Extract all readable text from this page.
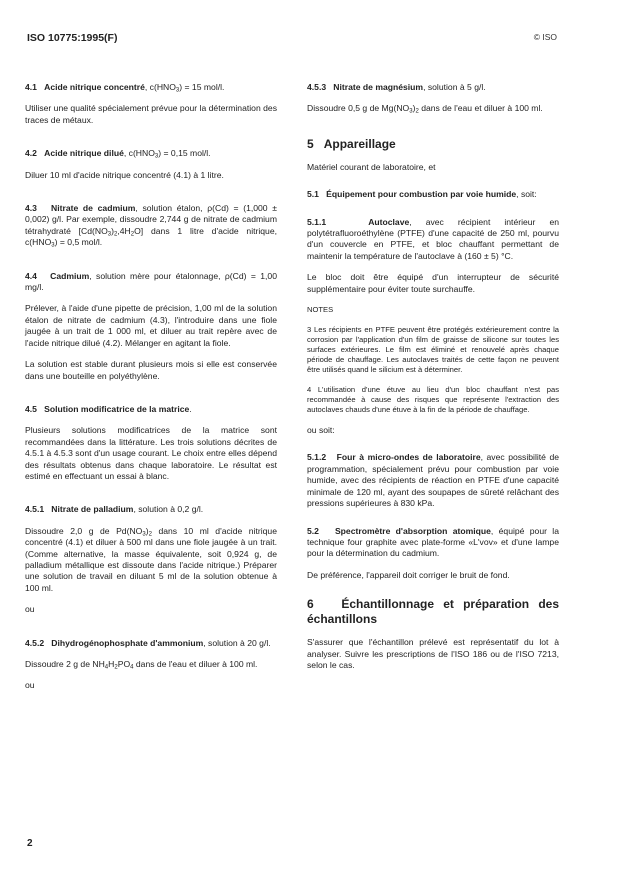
ISO 10775:1995(F)	© ISO

4.1 Acide nitrique concentré, $c(HNO_3) = 15$ mol/l.

Utiliser une qualité spécialement prévue pour la détermination des traces de métaux.

4.2 Acide nitrique dilué, $c(HNO_3) = 0,15$ mol/l.

Diluer 10 ml d'acide nitrique concentré (4.1) à 1 litre.

4.3 Nitrate de cadmium, solution étalon, ρ(Cd) = (1,000 ± 0,002) g/l. Par exemple, dissoudre 2,744 g de nitrate de cadmium tétrahydraté $[Cd(NO_3)_2,4H_2O]$ dans 1 litre d'acide nitrique, $c(HNO_3) = 0,5$ mol/l.

4.4 Cadmium, solution mère pour étalonnage, ρ(Cd) = 1,00 mg/l.

Prélever, à l'aide d'une pipette de précision, 1,00 ml de la solution étalon de nitrate de cadmium (4.3), l'introduire dans une fiole jaugée à un trait de 1 000 ml, et diluer au trait repère avec de l'acide nitrique dilué (4.2). Mélanger en agitant la fiole.

La solution est stable durant plusieurs mois si elle est conservée dans une bouteille en polyéthylène.

4.5 Solution modificatrice de la matrice.

Plusieurs solutions modificatrices de la matrice sont recommandées dans la littérature. Les trois solutions décrites de 4.5.1 à 4.5.3 sont d'un usage courant. Le choix entre elles dépend des résultats obtenus dans chaque laboratoire. Le résultat est estimé en effectuant un essai à blanc.

4.5.1 Nitrate de palladium, solution à 0,2 g/l.

Dissoudre 2,0 g de $Pd(NO_3)_2$ dans 10 ml d'acide nitrique concentré (4.1) et diluer à 500 ml dans une fiole jaugée à un trait. (Comme alternative, la masse équivalente, soit 0,924 g, de palladium métallique est dissoute dans l'acide nitrique.) Préparer une solution de travail en diluant 5 ml de la solution obtenue à 100 ml.

ou

4.5.2 Dihydrogénophosphate d'ammonium, solution à 20 g/l.

Dissoudre 2 g de $NH_4H_2PO_4$ dans de l'eau et diluer à 100 ml.

ou

4.5.3 Nitrate de magnésium, solution à 5 g/l.

Dissoudre 0,5 g de $Mg(NO_3)_2$ dans de l'eau et diluer à 100 ml.

5 Appareillage

Matériel courant de laboratoire, et

5.1 Équipement pour combustion par voie humide, soit:

5.1.1	Autoclave, avec récipient intérieur en polytétrafluoroéthylène (PTFE) d'une capacité de 250 ml, pourvu d'un couvercle en PTFE, et bloc chauffant permettant de maintenir la température de l'autoclave à (160 ± 5) °C.

Le bloc doit être équipé d'un interrupteur de sécurité supplémentaire pour éviter toute surchauffe.

NOTES

3 Les récipients en PTFE peuvent être protégés extérieurement contre la corrosion par l'application d'un film de graisse de silicone sur toutes les surfaces extérieures. Le film est éliminé et renouvelé après chaque période de chauffage. Les autoclaves traités de cette façon ne peuvent être utilisés quand le silicium est à déterminer.

4 L'utilisation d'une étuve au lieu d'un bloc chauffant n'est pas recommandée à cause des risques que représente l'extraction des autoclaves chauds d'une étuve à la fin de la période de chauffage.

ou soit:

5.1.2 Four à micro-ondes de laboratoire, avec possibilité de programmation, spécialement prévu pour combustion par voie humide, avec des récipients de réaction en PTFE d'une capacité minimale de 120 ml, ayant des soupapes de sûreté relâchant des pressions supérieures à 830 kPa.

5.2 Spectromètre d'absorption atomique, équipé pour la technique four graphite avec plate-forme «L'vov» et d'une lampe pour la détermination du cadmium.

De préférence, l'appareil doit corriger le bruit de fond.

6 Échantillonnage et préparation des échantillons

S'assurer que l'échantillon prélevé est représentatif du lot à analyser. Suivre les prescriptions de l'ISO 186 ou de l'ISO 7213, selon le cas.

2
